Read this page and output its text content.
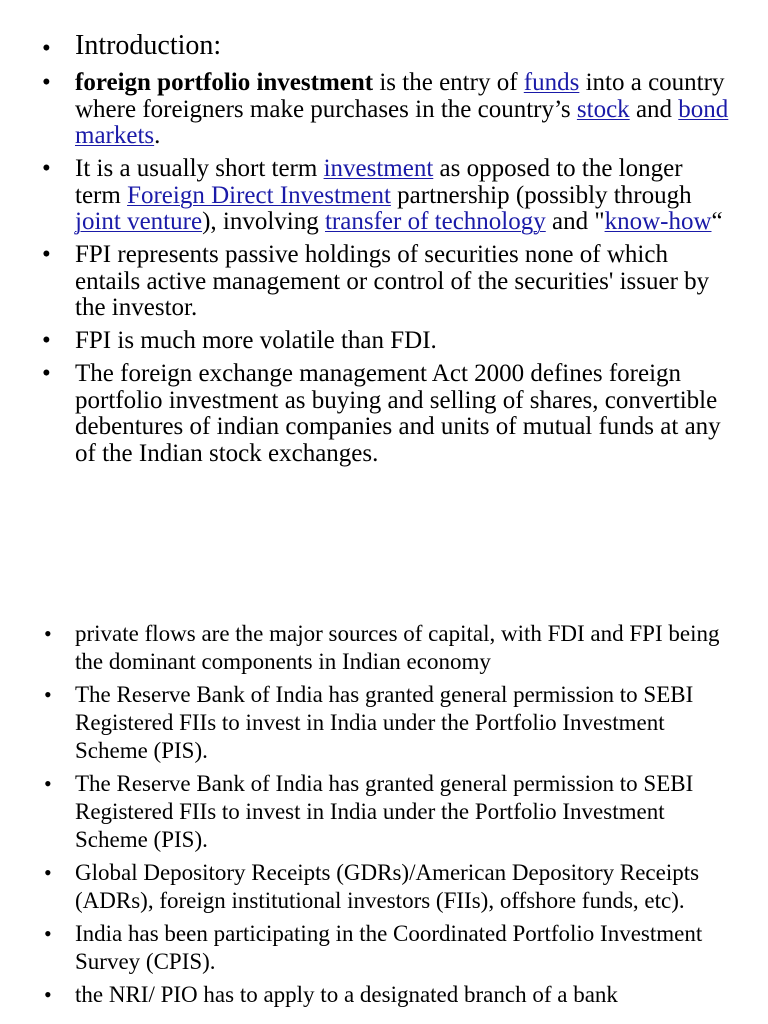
• Introduction:
• foreign portfolio investment is the entry of funds into a country where foreigners make purchases in the country’s stock and bond markets.
• It is a usually short term investment as opposed to the longer term Foreign Direct Investment partnership (possibly through joint venture), involving transfer of technology and "know-how“
• FPI represents passive holdings of securities none of which entails active management or control of the securities' issuer by the investor.
• FPI is much more volatile than FDI.
• The foreign exchange management Act 2000 defines foreign portfolio investment as buying and selling of shares, convertible debentures of indian companies and units of mutual funds at any of the Indian stock exchanges.
• private flows are the major sources of capital, with FDI and FPI being the dominant components in Indian economy
• The Reserve Bank of India has granted general permission to SEBI Registered FIIs to invest in India under the Portfolio Investment Scheme (PIS).
• The Reserve Bank of India has granted general permission to SEBI Registered FIIs to invest in India under the Portfolio Investment Scheme (PIS).
• Global Depository Receipts (GDRs)/American Depository Receipts (ADRs), foreign institutional investors (FIIs), offshore funds, etc).
• India has been participating in the Coordinated Portfolio Investment Survey (CPIS).
• the NRI/ PIO has to apply to a designated branch of a bank
